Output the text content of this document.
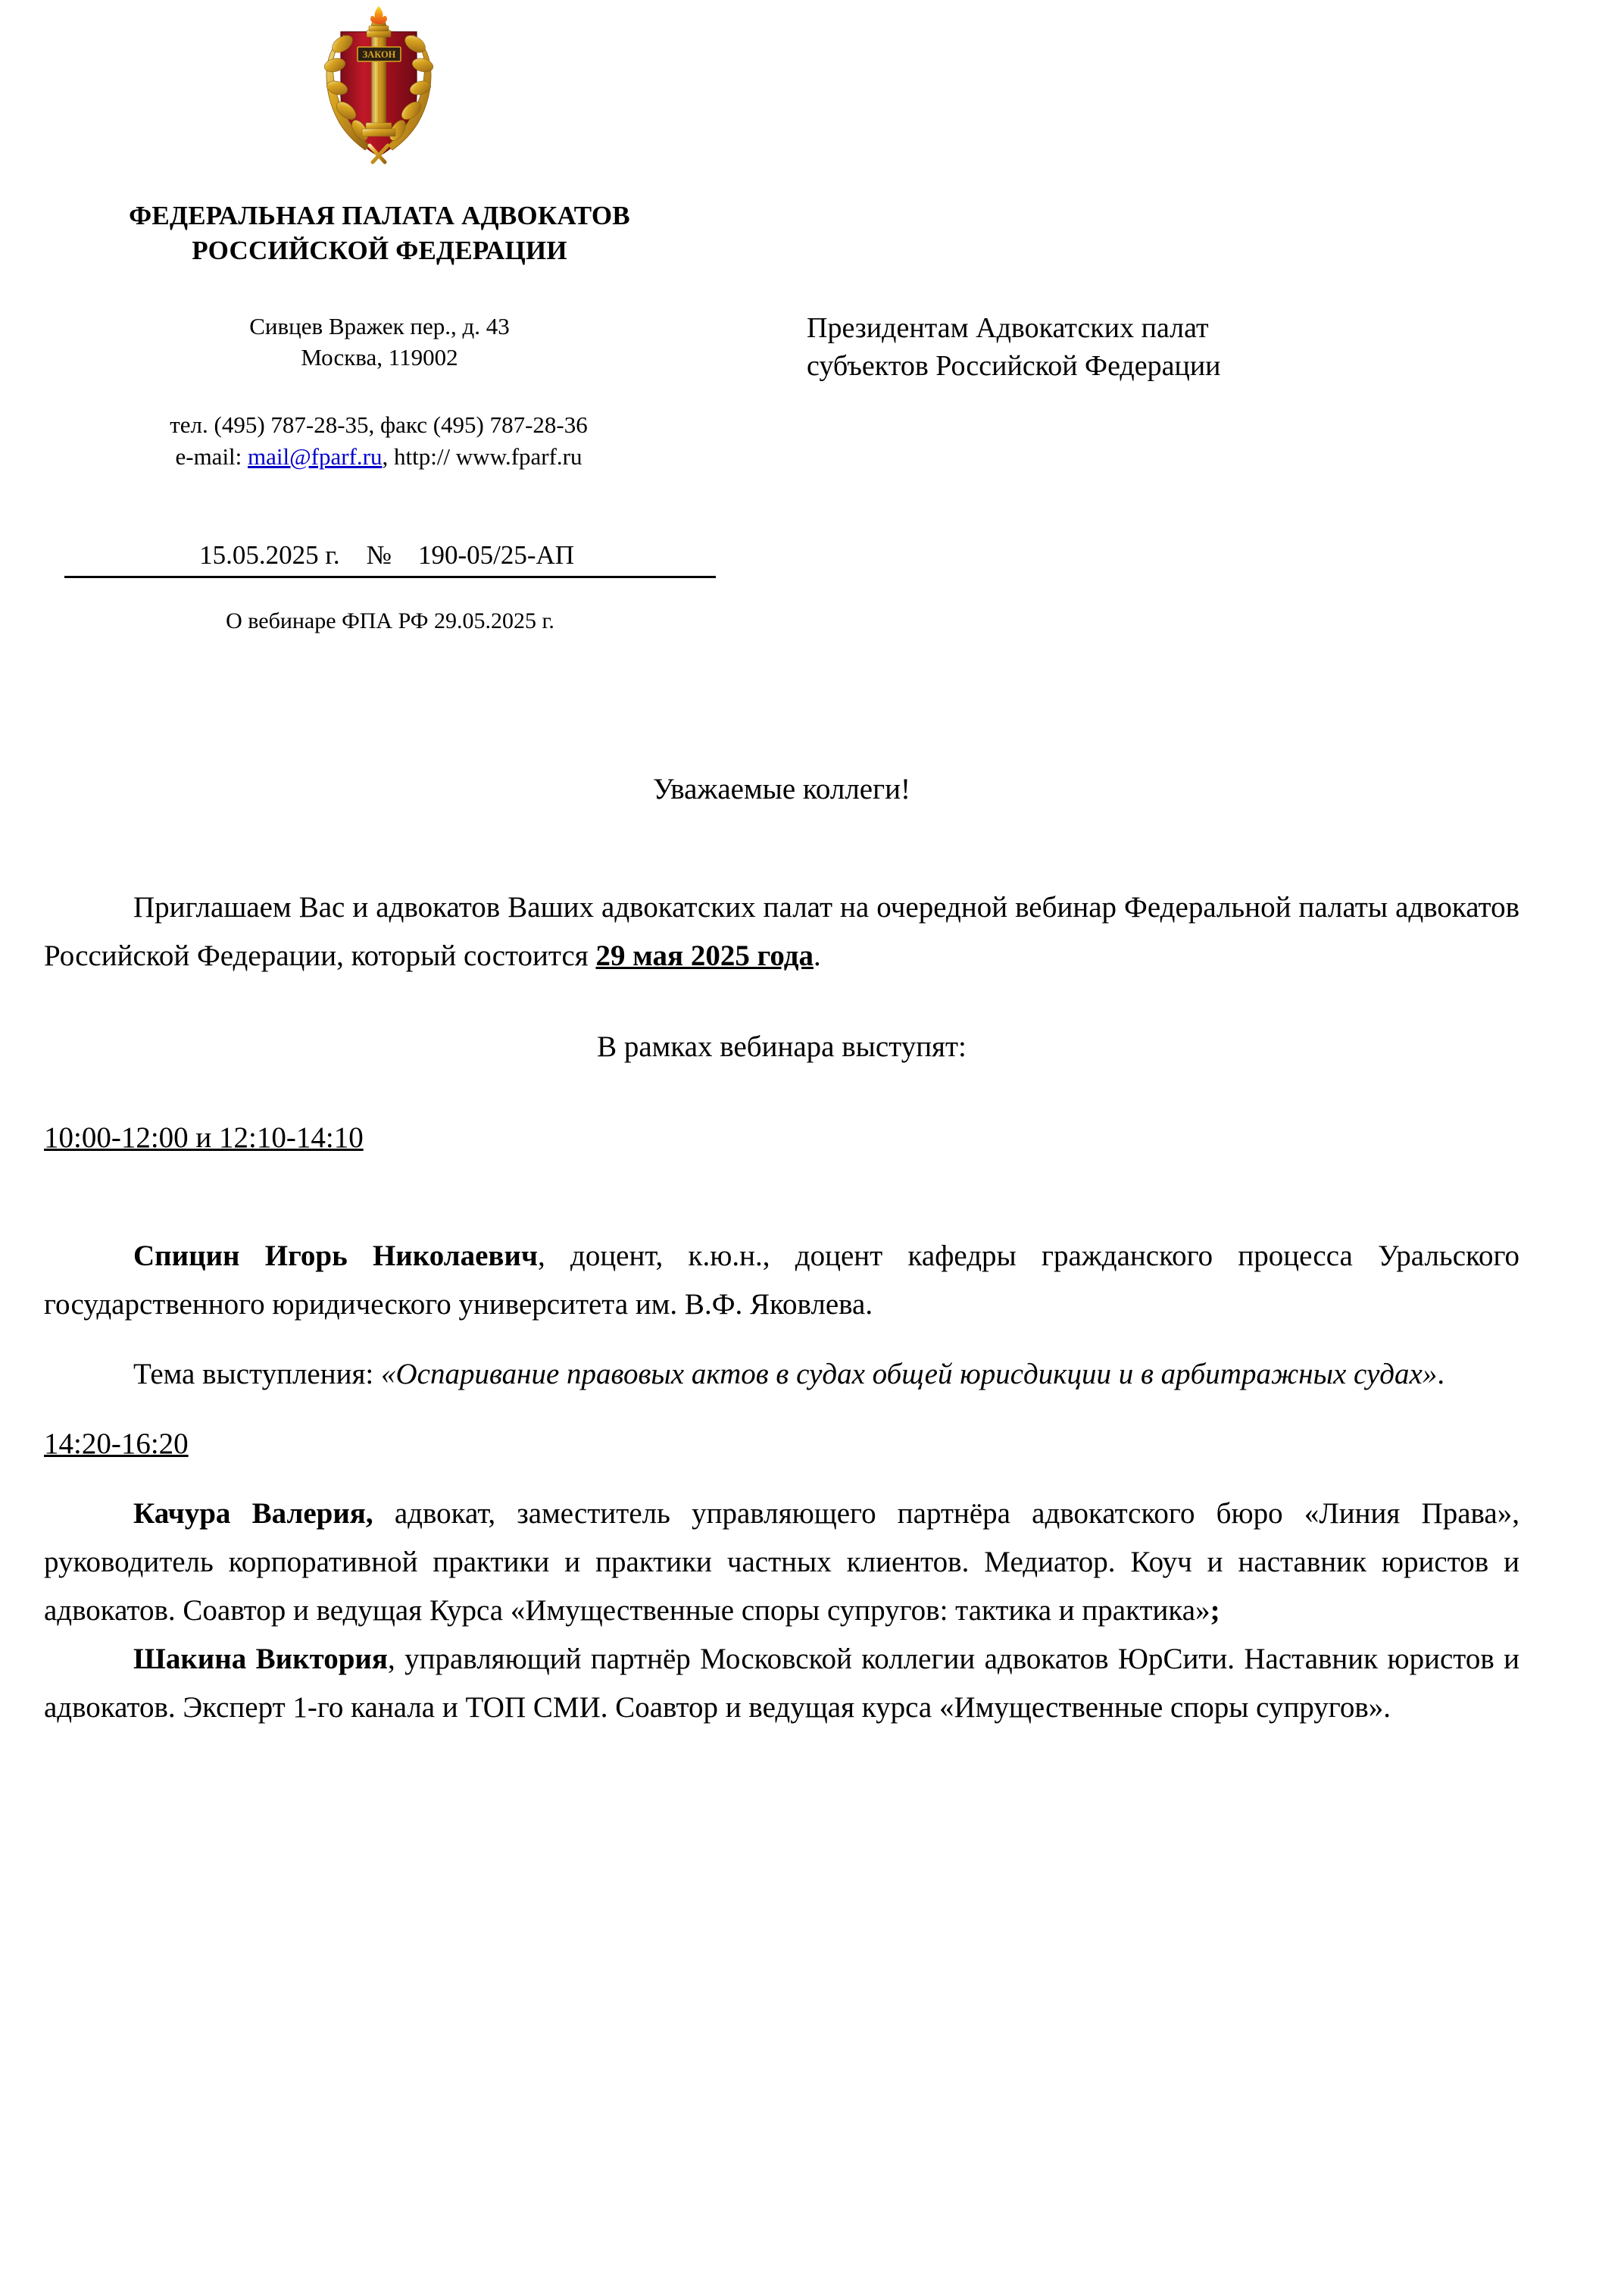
ЗАКОН
ФЕДЕРАЛЬНАЯ ПАЛАТА АДВОКАТОВ
РОССИЙСКОЙ ФЕДЕРАЦИИ
Сивцев Вражек пер., д. 43
Москва, 119002
тел. (495) 787-28-35, факс (495) 787-28-36
e-mail: mail@fparf.ru, http:// www.fparf.ru
15.05.2025 г. № 190-05/25-АП
О вебинаре ФПА РФ 29.05.2025 г.
Президентам Адвокатских палат
субъектов Российской Федерации

Уважаемые коллеги!

Приглашаем Вас и адвокатов Ваших адвокатских палат на очередной вебинар Федеральной палаты адвокатов Российской Федерации, который состоится 29 мая 2025 года.

В рамках вебинара выступят:

10:00-12:00 и 12:10-14:10

Спицин Игорь Николаевич, доцент, к.ю.н., доцент кафедры гражданского процесса Уральского государственного юридического университета им. В.Ф. Яковлева.

Тема выступления: «Оспаривание правовых актов в судах общей юрисдикции и в арбитражных судах».

14:20-16:20

Качура Валерия, адвокат, заместитель управляющего партнёра адвокатского бюро «Линия Права», руководитель корпоративной практики и практики частных клиентов. Медиатор. Коуч и наставник юристов и адвокатов. Соавтор и ведущая Курса «Имущественные споры супругов: тактика и практика»;

Шакина Виктория, управляющий партнёр Московской коллегии адвокатов ЮрСити. Наставник юристов и адвокатов. Эксперт 1-го канала и ТОП СМИ. Соавтор и ведущая курса «Имущественные споры супругов».
